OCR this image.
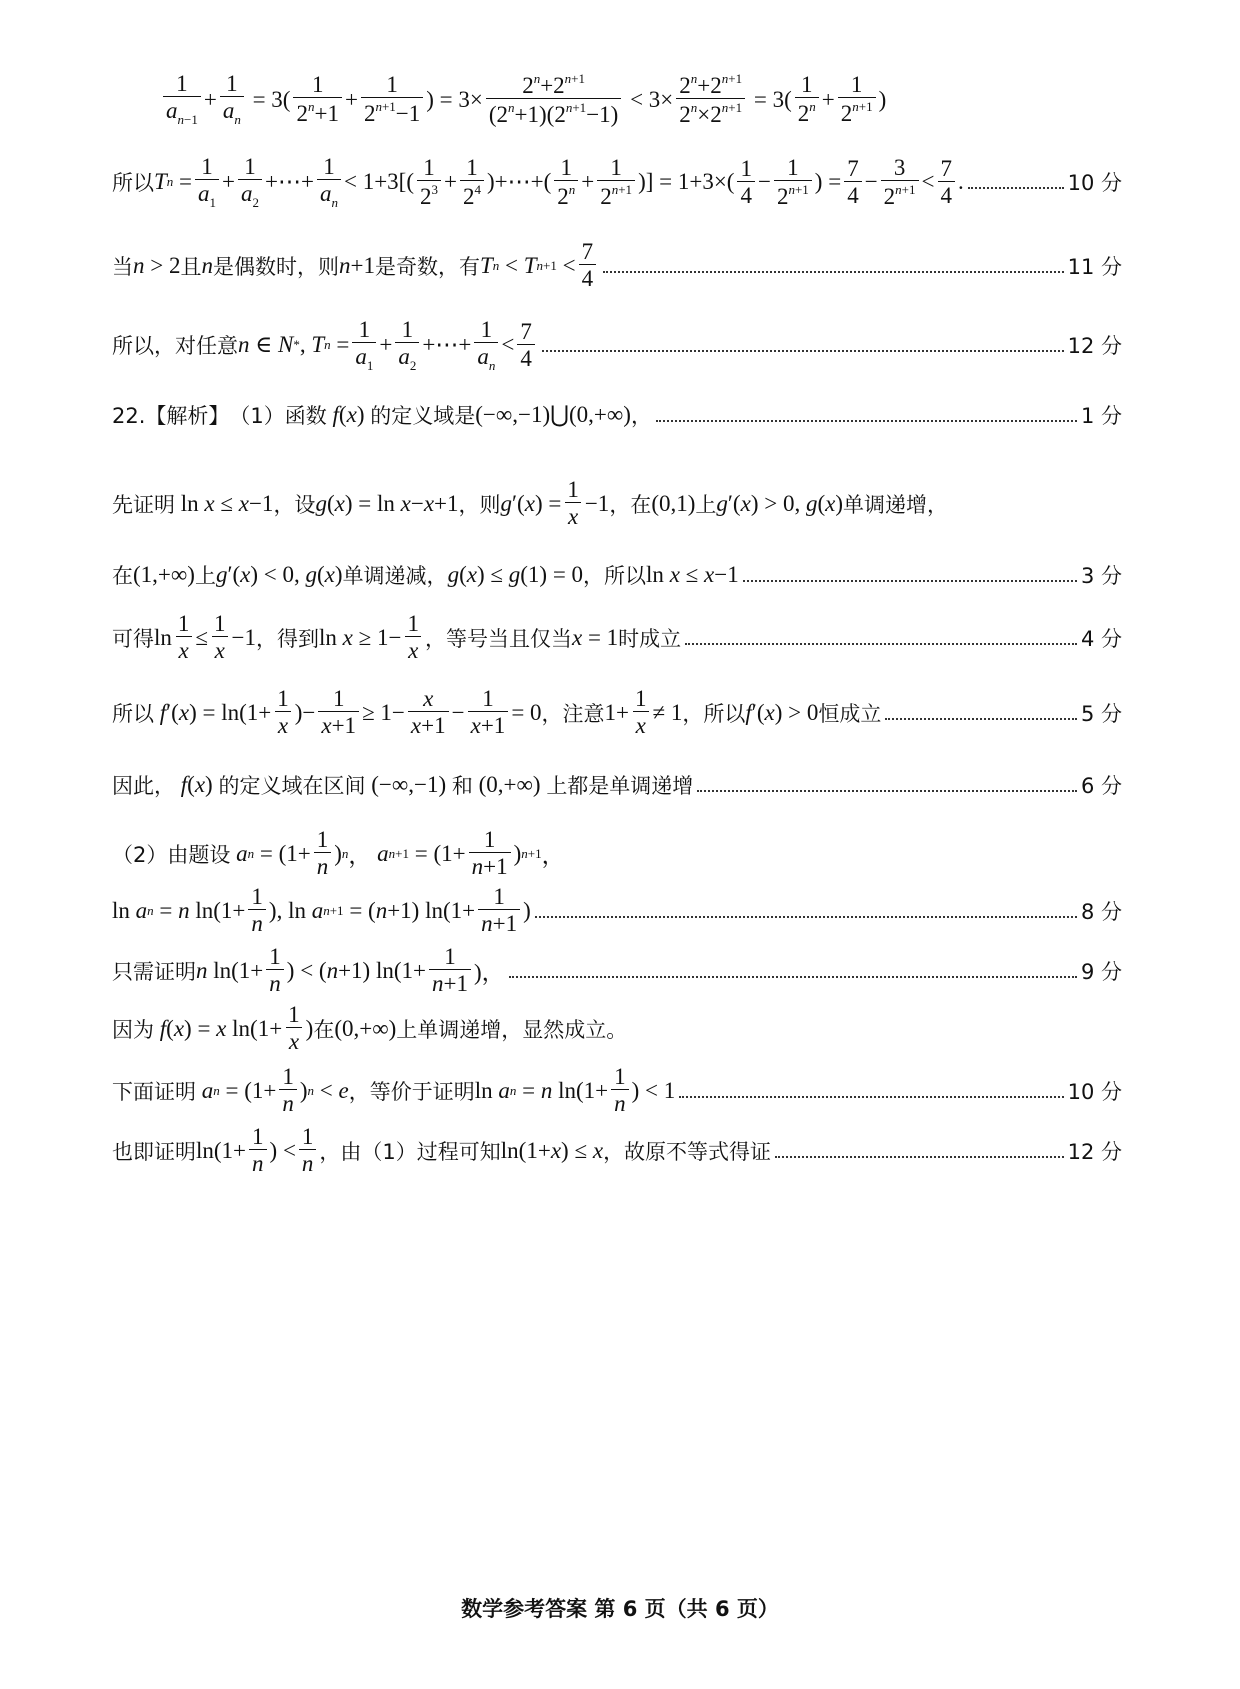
$\frac{1}{a_{n-1}} + \frac{1}{a_n} = 3( \frac{1}{2^n+1} + \frac{1}{2^{n+1}-1}$ ) = $3\times \frac{2^n+2^{n+1}}{(2^n+1)(2^{n+1}-1)} < 3\times \frac{2^n+2^{n+1}}{2^n\times 2^{n+1}} = 3( \frac{1}{2^n} + \frac{1}{2^{n+1}}$ )
所以 T $n = \frac{1}{a_1} + \frac{1}{a_2}$ +⋯+ $\frac{1}{a_n} < 1+3[( \frac{1}{2^3} + \frac{1}{2^4}$ )+⋯+( $\frac{1}{2^n} + \frac{1}{2^{n+1}}$ )] = $1+3\times( \frac{1}{4} - \frac{1}{2^{n+1}}$ ) = $\frac{7}{4} - \frac{3}{2^{n+1}} < \frac{7}{4}$ .	10 分
当 n > 2 且 n 是偶数时，则 n +1 是奇数，有 T n < T $n+1 < \frac{7}{4}$	11 分
所以，对任意 n ∈ N * , T $n = \frac{1}{a_1} + \frac{1}{a_2}$ +⋯+ $\frac{1}{a_n} < \frac{7}{4}$	12 分
22.【解析】 （1）函数
f ( x ) 的定义域是 (−∞,−1)⋃(0,+∞) ，	1 分
先证明 ln x ≤ x −1 ，设 g ( x ) = ln x − x +1 ，则 g ′( x ) = $\frac{1}{x} -1$ ，在 (0,1) 上 g ′( x ) > 0, g ( x ) 单调递增，
在 (1,+∞) 上 g ′( x ) < 0, g ( x ) 单调递减， g ( x ) ≤ g (1) = 0 ，所以 ln x ≤ x −1	3 分
可得 $\ln \frac{1}{x} \le \frac{1}{x} -1$ ，得到 $\ln x \ge 1- \frac{1}{x}$ ，等号当且仅当 x = 1 时成立	4 分
所以
f ′( x ) = $\ln(1+ \frac{1}{x}$ )− $\frac{1}{x+1} \ge 1- \frac{x}{x+1} - \frac{1}{x+1} = 0$ ，注意 $1+ \frac{1}{x} \ne 1$ ，所以 f ′( x ) > 0 恒成立	5 分
因此，
f ( x ) 的定义域在区间 (−∞,−1) 和 (0,+∞) 上都是单调递增	6 分
（2）由题设
a $n = (1+ \frac{1}{n}$ ) n ， a $n+1 = (1+ \frac{1}{n+1}$ ) n+1 ，
ln a n = n $\ln(1+ \frac{1}{n}$ ), ln a n+1 = ( n +1) $\ln(1+ \frac{1}{n+1}$ )	8 分
只需证明 n $\ln(1+ \frac{1}{n}$ ) < ( n +1) $\ln(1+ \frac{1}{n+1}$ )，	9 分
因为
f ( x ) = x $\ln(1+ \frac{1}{x}$ ) 在 (0,+∞) 上单调递增，显然成立。
下面证明
a $n = (1+ \frac{1}{n}$ ) n < e ，等价于证明 ln a n = n $\ln(1+ \frac{1}{n}$ ) < 1	10 分
也即证明 $\ln(1+ \frac{1}{n}$ ) < $\frac{1}{n}$ ，由（1）过程可知 ln(1+ x ) ≤ x ，故原不等式得证	12 分
数学参考答案 第 6 页（共 6 页）
